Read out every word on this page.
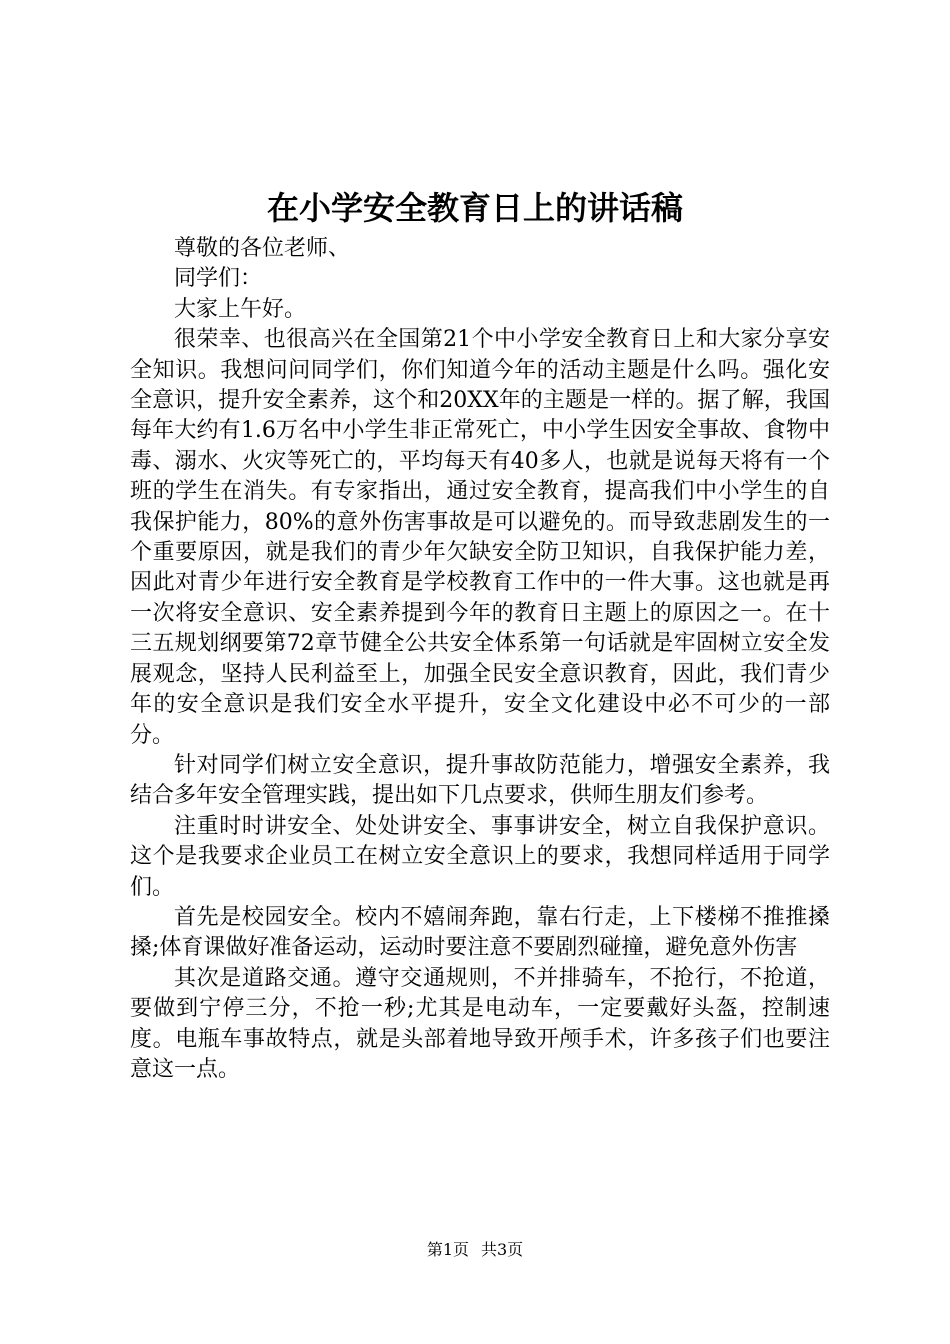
在小学安全教育日上的讲话稿

尊敬的各位老师、

同学们：

大家上午好。

很荣幸、也很高兴在全国第21个中小学安全教育日上和大家分享安全知识。我想问问同学们，你们知道今年的活动主题是什么吗。强化安全意识，提升安全素养，这个和20XX年的主题是一样的。据了解，我国每年大约有1.6万名中小学生非正常死亡，中小学生因安全事故、食物中毒、溺水、火灾等死亡的，平均每天有40多人，也就是说每天将有一个班的学生在消失。有专家指出，通过安全教育，提高我们中小学生的自我保护能力，80%的意外伤害事故是可以避免的。而导致悲剧发生的一个重要原因，就是我们的青少年欠缺安全防卫知识，自我保护能力差，因此对青少年进行安全教育是学校教育工作中的一件大事。这也就是再一次将安全意识、安全素养提到今年的教育日主题上的原因之一。在十三五规划纲要第72章节健全公共安全体系第一句话就是牢固树立安全发展观念，坚持人民利益至上，加强全民安全意识教育，因此，我们青少年的安全意识是我们安全水平提升，安全文化建设中必不可少的一部分。

针对同学们树立安全意识，提升事故防范能力，增强安全素养，我结合多年安全管理实践，提出如下几点要求，供师生朋友们参考。

注重时时讲安全、处处讲安全、事事讲安全，树立自我保护意识。这个是我要求企业员工在树立安全意识上的要求，我想同样适用于同学们。

首先是校园安全。校内不嬉闹奔跑，靠右行走，上下楼梯不推推搡搡;体育课做好准备运动，运动时要注意不要剧烈碰撞，避免意外伤害

其次是道路交通。遵守交通规则，不并排骑车，不抢行，不抢道，要做到宁停三分，不抢一秒;尤其是电动车，一定要戴好头盔，控制速度。电瓶车事故特点，就是头部着地导致开颅手术，许多孩子们也要注意这一点。

第1页 共3页
